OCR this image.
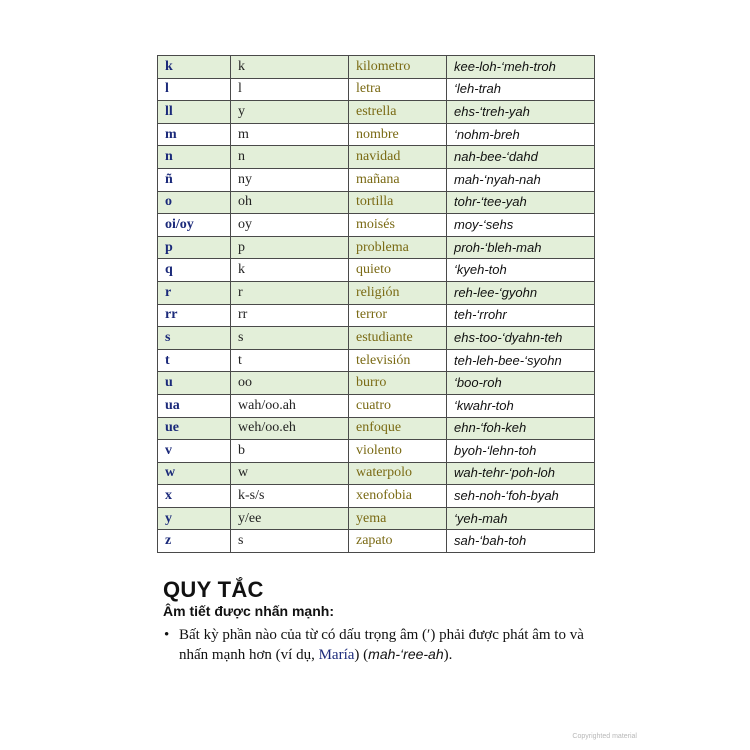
k	k	kilometro	kee-loh-‘meh-troh
l	l	letra	‘leh-trah
ll	y	estrella	ehs-‘treh-yah
m	m	nombre	‘nohm-breh
n	n	navidad	nah-bee-‘dahd
ñ	ny	mañana	mah-‘nyah-nah
o	oh	tortilla	tohr-‘tee-yah
oi/oy	oy	moisés	moy-‘sehs
p	p	problema	proh-‘bleh-mah
q	k	quieto	‘kyeh-toh
r	r	religión	reh-lee-‘gyohn
rr	rr	terror	teh-‘rrohr
s	s	estudiante	ehs-too-‘dyahn-teh
t	t	televisión	teh-leh-bee-‘syohn
u	oo	burro	‘boo-roh
ua	wah/oo.ah	cuatro	‘kwahr-toh
ue	weh/oo.eh	enfoque	ehn-‘foh-keh
v	b	violento	byoh-‘lehn-toh
w	w	waterpolo	wah-tehr-‘poh-loh
x	k-s/s	xenofobia	seh-noh-‘foh-byah
y	y/ee	yema	‘yeh-mah
z	s	zapato	sah-‘bah-toh
QUY TẮC

Âm tiết được nhấn mạnh:

• Bất kỳ phần nào của từ có dấu trọng âm (′) phải được phát âm to và nhấn mạnh hơn (ví dụ, María) (mah-‘ree-ah).

Copyrighted material
